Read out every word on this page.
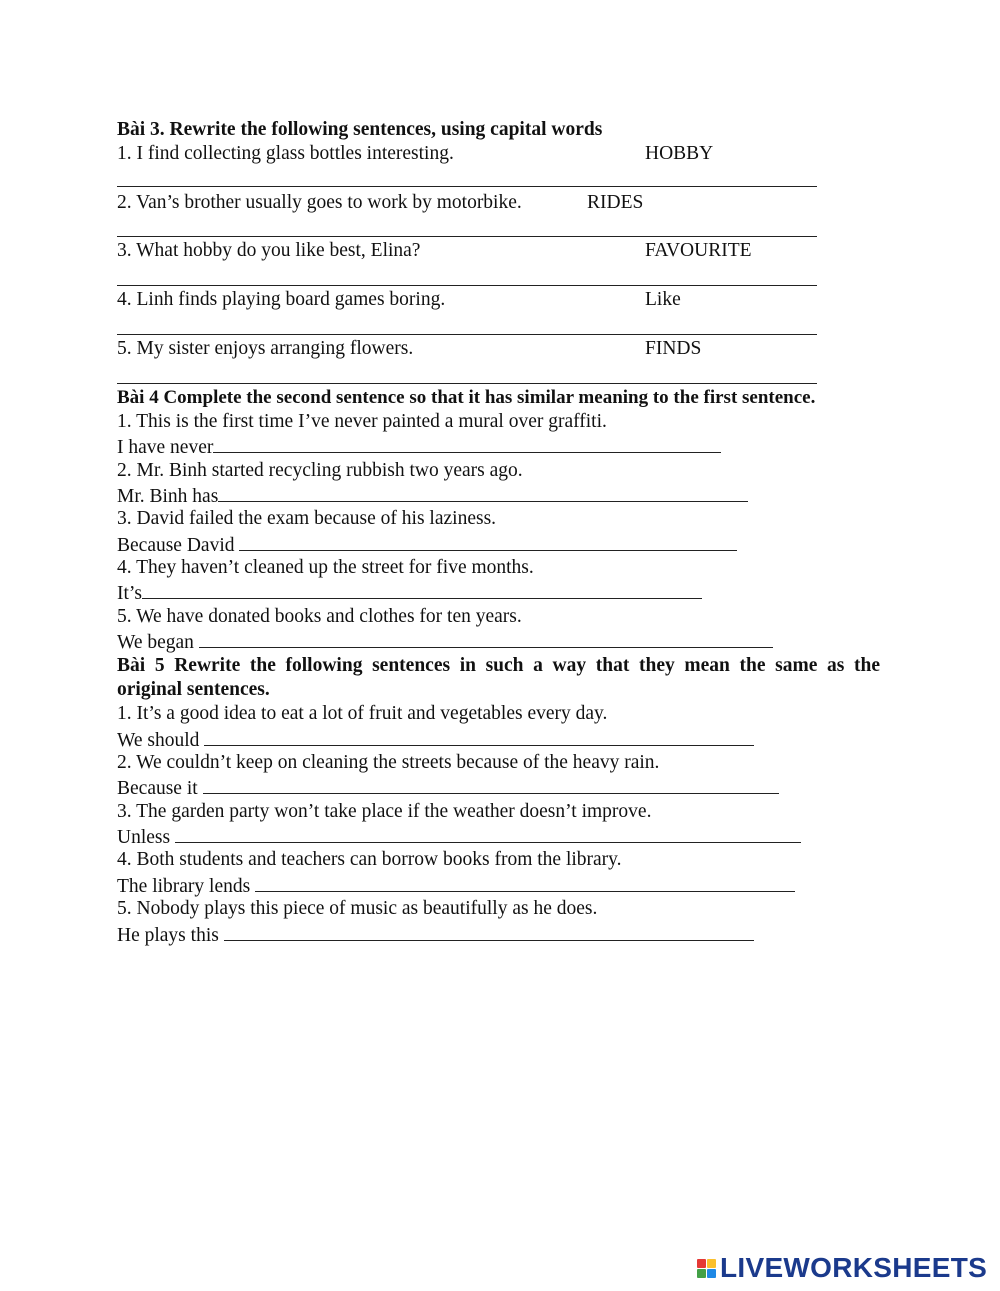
Bài 3. Rewrite the following sentences, using capital words
1. I find collecting glass bottles interesting.	HOBBY
2. Van’s brother usually goes to work by motorbike.	RIDES
3. What hobby do you like best, Elina?	FAVOURITE
4. Linh finds playing board games boring.	Like
5. My sister enjoys arranging flowers.	FINDS
Bài 4 Complete the second sentence so that it has similar meaning to the first sentence.
1. This is the first time I’ve never painted a mural over graffiti.
I have never
2. Mr. Binh started recycling rubbish two years ago.
Mr. Binh has
3. David failed the exam because of his laziness.
Because David
4. They haven’t cleaned up the street for five months.
It’s
5. We have donated books and clothes for ten years.
We began
Bài 5 Rewrite the following sentences in such a way that they mean the same as the
original sentences.
1. It’s a good idea to eat a lot of fruit and vegetables every day.
We should
2. We couldn’t keep on cleaning the streets because of the heavy rain.
Because it
3. The garden party won’t take place if the weather doesn’t improve.
Unless
4. Both students and teachers can borrow books from the library.
The library lends
5. Nobody plays this piece of music as beautifully as he does.
He plays this
LIVEWORKSHEETS
